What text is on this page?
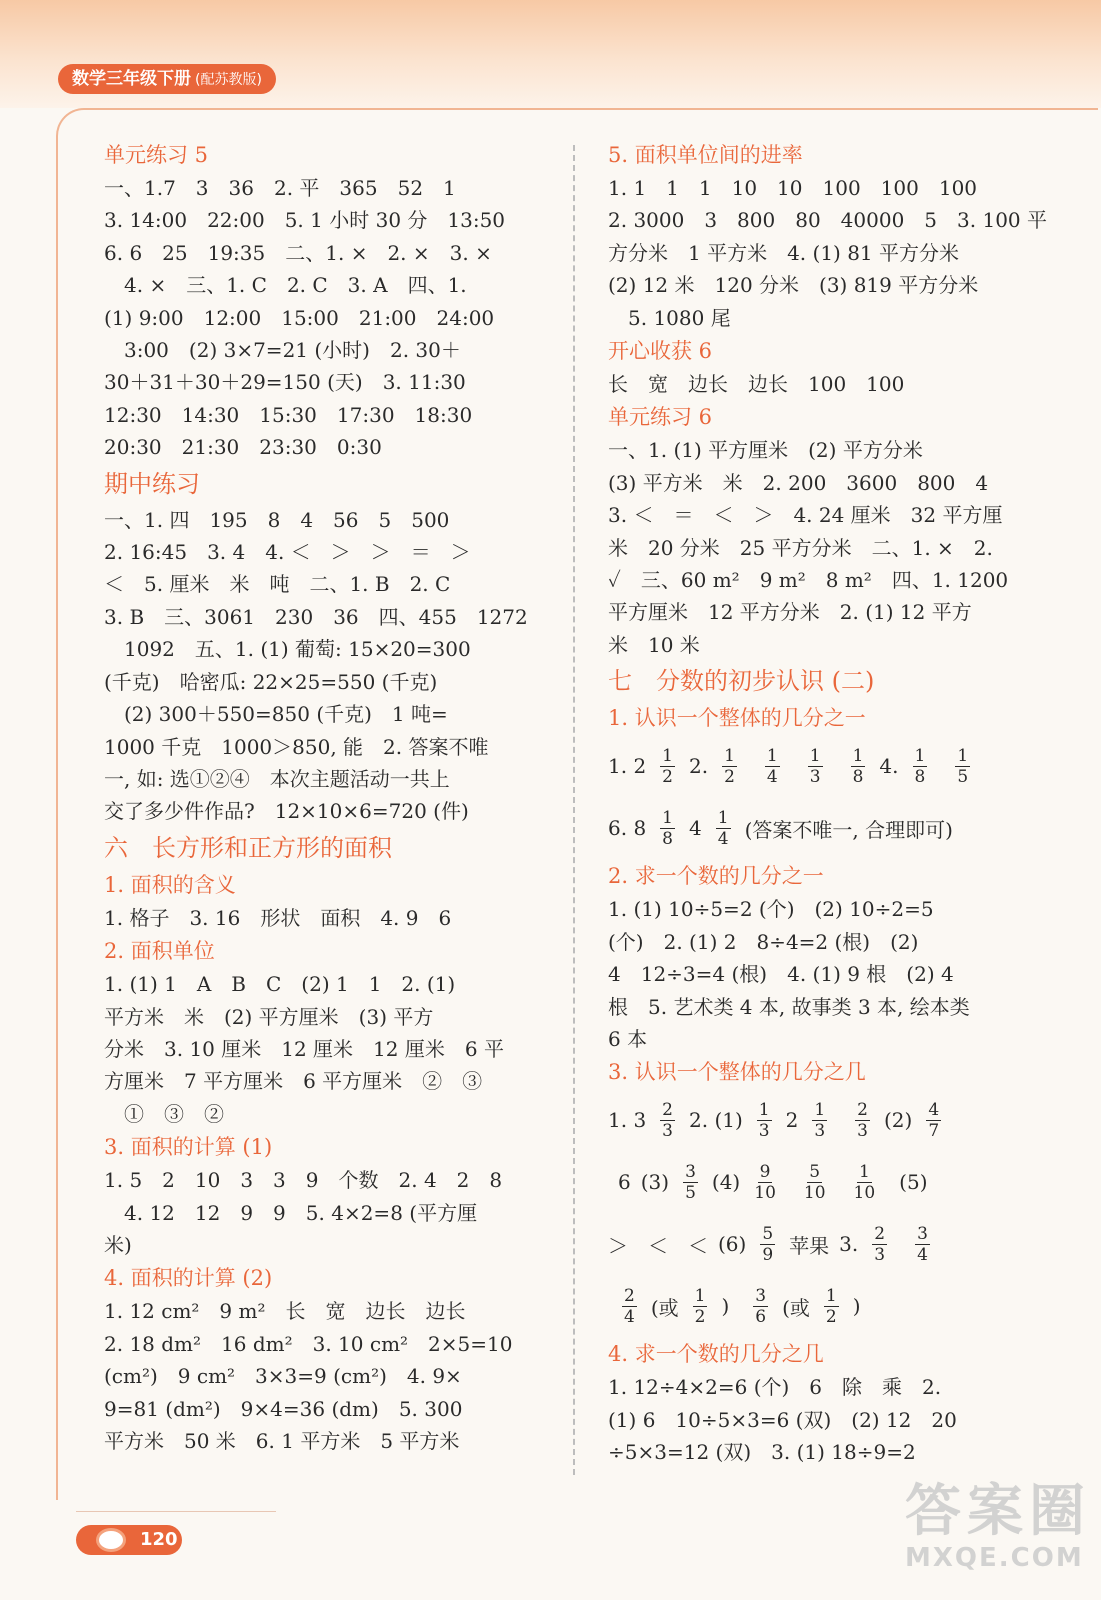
数学三年级下册 (配苏教版)
单元练习 5
一、1.7　3　36　2. 平　365　52　1
3. 14:00　22:00　5. 1 小时 30 分　13:50
6. 6　25　19:35　二、1. ×　2. ×　3. ×
　4. ×　三、1. C　2. C　3. A　四、1.
(1) 9:00　12:00　15:00　21:00　24:00
　3:00　(2) 3×7=21 (小时)　2. 30＋
30＋31＋30＋29=150 (天)　3. 11:30
12:30　14:30　15:30　17:30　18:30
20:30　21:30　23:30　0:30
期中练习
一、1. 四　195　8　4　56　5　500
2. 16:45　3. 4　4. ＜　＞　＞　＝　＞
＜　5. 厘米　米　吨　二、1. B　2. C
3. B　三、3061　230　36　四、455　1272
　1092　五、1. (1) 葡萄: 15×20=300
(千克)　哈密瓜: 22×25=550 (千克)
　(2) 300＋550=850 (千克)　1 吨=
1000 千克　1000＞850, 能　2. 答案不唯
一, 如: 选①②④　本次主题活动一共上
交了多少件作品?　12×10×6=720 (件)
六　长方形和正方形的面积
1. 面积的含义
1. 格子　3. 16　形状　面积　4. 9　6
2. 面积单位
1. (1) 1　A　B　C　(2) 1　1　2. (1)
平方米　米　(2) 平方厘米　(3) 平方
分米　3. 10 厘米　12 厘米　12 厘米　6 平
方厘米　7 平方厘米　6 平方厘米　②　③
　①　③　②
3. 面积的计算 (1)
1. 5　2　10　3　3　9　个数　2. 4　2　8
　4. 12　12　9　9　5. 4×2=8 (平方厘
米)
4. 面积的计算 (2)
1. 12 cm²　9 m²　长　宽　边长　边长
2. 18 dm²　16 dm²　3. 10 cm²　2×5=10
(cm²)　9 cm²　3×3=9 (cm²)　4. 9×
9=81 (dm²)　9×4=36 (dm)　5. 300
平方米　50 米　6. 1 平方米　5 平方米
5. 面积单位间的进率
1. 1　1　1　10　10　100　100　100
2. 3000　3　800　80　40000　5　3. 100 平
方分米　1 平方米　4. (1) 81 平方分米
(2) 12 米　120 分米　(3) 819 平方分米
　5. 1080 尾
开心收获 6
长　宽　边长　边长　100　100
单元练习 6
一、1. (1) 平方厘米　(2) 平方分米
(3) 平方米　米　2. 200　3600　800　4
3. ＜　＝　＜　＞　4. 24 厘米　32 平方厘
米　20 分米　25 平方分米　二、1. ×　2.
✓　三、60 m²　9 m²　8 m²　四、1. 1200
平方厘米　12 平方分米　2. (1) 12 平方
米　10 米
七　分数的初步认识 (二)
1. 认识一个整体的几分之一
1. $2 \frac{1}{2} 2$. $\frac{1}{2} \frac{1}{4} \frac{1}{3} \frac{1}{8} 4$. $\frac{1}{8} \frac{1}{5}$
6. $8 \frac{1}{8} 4 \frac{1}{4}$ (答案不唯一, 合理即可)
2. 求一个数的几分之一
1. (1) 10÷5=2 (个)　(2) 10÷2=5
(个)　2. (1) 2　8÷4=2 (根)　(2)
4　12÷3=4 (根)　4. (1) 9 根　(2) 4
根　5. 艺术类 4 本, 故事类 3 本, 绘本类
6 本
3. 认识一个整体的几分之几
1. $3 \frac{2}{3} 2$. $(1) \frac{1}{3} 2 \frac{1}{3} \frac{2}{3} (2) \frac{4}{7}$
6 $(3) \frac{3}{5} (4) \frac{9}{10} \frac{5}{10} \frac{1}{10} (5)$
＞　＜　＜ $(6) \frac{5}{9}$ 苹果 3. $\frac{2}{3} \frac{3}{4}$
$\frac{2}{4}$ (或 $\frac{1}{2}$ ) $\frac{3}{6}$ (或 $\frac{1}{2}$ )
4. 求一个数的几分之几
1. 12÷4×2=6 (个)　6　除　乘　2.
(1) 6　10÷5×3=6 (双)　(2) 12　20
÷5×3=12 (双)　3. (1) 18÷9=2
120	答案圈
MXQE.COM
